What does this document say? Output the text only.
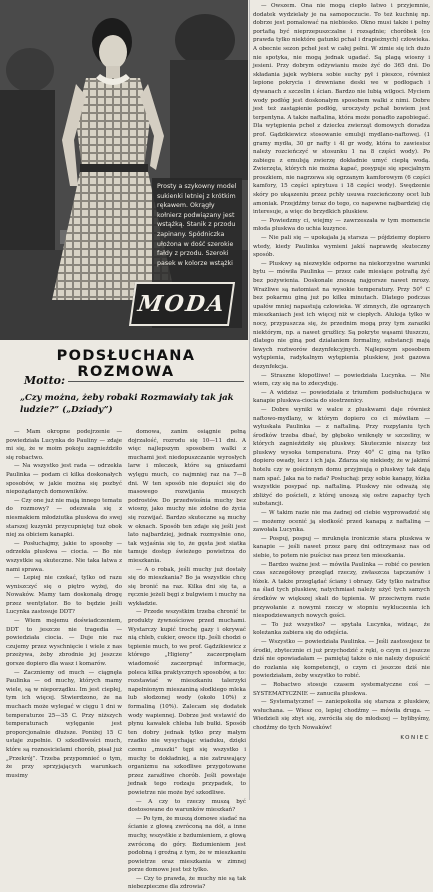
Prosty a szykowny model sukienki letniej z krótkim rękawem. Okrągły kołnierz podwiązany jest wstążką. Stanik z przodu zapinany. Spódniczka ułożona w dość szerokie fałdy z przodu. Szeroki pasek w kolorze wstążki
MODA
PODSŁUCHANA ROZMOWA
Motto:
„Czy można, żeby robaki Rozmawiały tak jak ludzie?” („Dziady”)

— Mam okropne podejrzenie — powiedziała Lucynka do Pauliny — zdaje mi się, że w moim pokoju zagnieździło się robactwo.

— Na wszystko jest rada — odrzekła Paulinka — podam ci kilka doskonałych sposobów, w jakie można się pozbyć niepożądanych domowników.

— Czy one już nie mają innego tematu do rozmowy? — odezwała się z niesmakiem młodziutka pluskwa do swej starszej kuzynki przycupniętej tuż obok niej za obiciem kanapki.

— Posłuchajmy, jakie to sposoby — odrzekła pluskwa — ciocia. — Bo nie wszystkie są skuteczne. Nie taka łatwa z nami sprawa.

— Lepiej nie czekać, tylko od razu wyniszczyć się o piętro wyżej, do Nowaków. Mamy tam doskonałą drogę przez wentylator. Bo to będzie jeśli Lucynka zastosuje DDT?

— Wiem mojemu doświadczeniem, DDT to jeszcze nie tragedia — powiedziała ciocia. — Duje nie raz czujemy przez wyschnięcie i wiele z nas przeżywa, żeby zbrodnie jej jeszcze gorsze dopiero dla wasz i komarów.

— Zaczniemy od much — ciągnęła Paulinka — od muchy, których mamy wiele, są w nieporządku. Im jest ciepłej, tym ich więcej. Stwierdzono, że na muchach może wylegać w cięgu 1 dni w temperaturze 25—35 C. Przy niższych temperaturach wylęganie jest proporcjonalnie dłuższe. Poniżej 15 C ustaje zupełnie. O szkodliwości much, które są roznosicielami chorób, pisał już „Przekrój”. Trzeba przypomnieć o tym, że przy sprzyjających warunkach musimy

domowa, zanim osiągnie pełną dojrzałość, rozrodu się 10—11 dni. A więc najlepszym sposobem walki z muchami jest niedopuszczanie wyrosłych larw i mleczek, które są gniazdami wylęgu much, co najmniej raz na 7—8 dni. W ten sposób nie dopuści się do masowego rozwijania muszych podrostów. Do przedwiośnia muchy bez wiosny, jako muchy nie zdolne do życia się rozwijać. Bardzo skuteczne są muchy w oknach. Sposób ten zdaje się jeśli jest lato najbardziej, jednak rozmysłnie ono, tak wyjaśnia się to, że gęsta jest siatka tamuje dostęp świeżego powietrza do mieszkania.

— A o robak, jeśli muchy już dostały się do mieszkania? Bo ja wszystkie chcę się bronić na raz. Kilka dni się ta, a ręcznie jeżeli bęgi z bulgwiem i muchy na wykładzie.

— Przede wszystkim trzeba chronić te produkty żywnościowe przed muchami. Wystarczy kupić trochę gazy i okrywać nią chleb, cukier, owoce itp. Jeśli chodzi o tępienie much, to we prof. Gądzikiewicz z którego „Higieny” zaczerpnęłam wiadomość zaczerpnąć informacje, poleca kilka praktycznych sposobów, a to: rozstawiać w mieszkaniu talerzyki napełnionym mieszaniną słodkiego mleka lub słodzonej wody (około 10%) z formaliną (10%). Zalecam się dodatek wody wapiennej. Dobrze jest wstawić do płynu kawałek chleba lub bułki. Sposób ten dobry jednak tylko przy małym rzadko nie wysychając wiaduku, dzięki czemu „muszki” tępi się wszystko i muchy te dokładniej, a nie zatruwający organizmu na szkodliwe przygotowane przez zaraźliwe chorób. Jeśli powstaje jednak tego rodzaju przypadek, to powietrze nie może być szkodliwe.

— A czy to rzeczy muszą być dostosowane do warunków mieszkań?

— Po tym, że muszą domowe siadać na ścianie z głową zwróconą na dół, a inne muchy, wszystkie z bzdumieniem, z głową zwróconą do góry. Bzdumieniem jest podobną i groźną z tym, że w mieszkaniu powietrze oraz mieszkania w zimnej porze domowe jest też tylko.

— Czy to prawda, że muchy nie są tak niebezpieczne dla zdrowia?

— Owszem. Ona nie mogą ciepło łatwo i przyjemnie, dodatek wydzielały je na samopoczucie. To też kuchnię np. dobrze jest pomalować na niebiesko. Okno musi także i pełny portafią być nieprzepuszczalne i rozsądnie; choróbek (co prawda tylko niektóre gatunki pchał i drapieżnych) człowieka. A obecnie sezon pcheł jest w całej pełni. W zimie się ich dużo nie spotyka, nie mogą jednak ugadać. Są plagą wiosny i jesieni. Przy dobrym odżywianiu może żyć do 365 dni. Do składania jajek wybiera sobie suchy pył i pieszce, również lepione pokrycia i drewniane deski we w podłogach i dywanach z szczelin i ścian. Bardzo nie lubią wilgoci. Myciem wody podłóg jest doskonałym sposobem walki z nimi. Dobre jest też zastąpienie podłóg, uroczysty pchał bowiem jest terpentyna. A także naftalina, która może ponadto zapobiegać. Dla wytępienia pcheł z dziecku zwierząt domowych doradza prof. Gądzikiewicz stosowanie emulsji mydlano-naftowej. (1 gramy mydła, 30 gr nafty i 4l gr wody, która to zawiesisz należy rozcieńczyć w stosunku 1 na 8 części wody). Po zabiegu z emulsją zwierzę dokładnie umyć ciepłą wodą. Zwierzęta, których nie można kąpać, posypuje się specjalnym proszkiem, nie nagrzewa się ogrzanym kamforowym (6 części kamfory, 15 części spirytusu i 18 części wody). Swędzenie skóry po ukąszeniu przez pchły usuwa rozcieńczony ocet lub amoniak. Przejdźmy teraz do tego, co napewne najbardziej cię interesuje, a więc do brzydkich pluskiew.

— Powiedzmy ci, wiejmy — zawrzeszała w tym momencie młoda pluskwa do uchia kuzynce.

— Nie pali się — upokajała ją starsza — pójdziemy dopiero wtedy, kiedy Paulinka wymieni jakiś naprawdę skuteczny sposób.

— Pluskwy są niezwykle odporne na niekorzystne warunki bytu — mówiła Paulinka — przez całe miesiące potrafią żyć bez pożywienia. Doskonale znoszą najgorsze nawet mrozy. Wrażliwe są natomiast na wysokie temperatury. Przy 50° C bez pokarmu giną już po kilku minutach. Dlatego podczas upałów mniej napastują człowieka. W zimnych, źle ogrzanych mieszkaniach jest ich więcej niż w ciepłych. Aluksja tylko w nocy, przypuszcza się, że przednim mogą przy tym zaraziki niektórym, np. a nawet gruźlicy. Są pokryte wąsami tłuszczu, dlatego nie giną pod działaniem formaliny, substancji mają lewych roztworów dezynfekcyjnych. Najlepszym sposobem wytępienia, radykalnym wytępienia pluskiew, jest gazowa dezynfekcja.

— Straszne kłopotliwe! — powiedziała Lucynka. — Nie wiem, czy się na to zdecyduję.

— A widzisz — powiedziała z triumfem podsłuchująca w kanapie pluskwa-ciocia do siostrzenicy.

— Dobre wyniki w walce z pluskwami daje również naftowo-mydlany, w którym dopiero co ci mówiłam — wyłuskała Paulinka — z naftaliną. Przy rozpylaniu tych środków trzeba dbać, by głęboko wniknęły w szczeliny, w których zagnieździły się pluskwy. Skutecznie niszczy też pluskwy wysoka temperatura. Przy 40° C giną na tylko dopiero owady, lecz i ich jaja. Zdarza się niekiedy, że w jakimś hotelu czy w gościnnym domu przyjmują o pluskwy tak dają nam spać. Jaka na to rada? Posłuchaj: przy sobie kanapy, łóżka wszystkie posypać np. naftaliną. Pluskwy nie odważą się zbliżyć do pościeli, z której unoszą się ostre zapachy tych substancji.

— W takim razie nie ma żadnej od ciebie wyprowadzić się — możemy ocenić ją słodkość przed kanapą z naftaliną — zawołała Lucynka.

— Pospuj, pospuj — mruknęła ironicznie stara pluskwa w kanapie — jeśli nawet przez parę dni odtrzymasz nas od siebie, to potem nie puścisz nas przez ten mieszkania.

— Bardzo ważne jest — mówiła Paulinka — robić co pewien czas szczegółowy przegląd rzeczy, zwłaszcza tapczanów i łóżek. A także przeglądać ściany i obrazy. Gdy tylko natrafisz na ślad tych pluskiew, natychmiast należy użyć tych samych środków w większej skali do tępienia. W przeciwnym razie przywołanie z nowymi rzeczy w stopniu wykluczenia ich niespodziewanych nowych gości.

— To już wszystko? — spytała Lucynka, widząc, że koleżanka zabiera się do odejścia.

— Wszystko — powiedziała Paulinka. — Jeśli zastosujesz te środki, zbytecznie ci już przychodzić z ręki, o czym ci jeszcze dziś nie opowiadałam — pamiętaj także o nie należy dopuścić do rozlania się kompetencji, o czym ci jeszcze dziś nie powiedziałam, żeby wszystko to robić.

— Robactwo stosuje czasem systematyczne coś — SYSTEMATYCZNIE — zanuciła pluskwa.

— Systematyczne! — zaniepokoiła się starsza z pluskiew, wsłuchana. — Wiesz co, lepiej chodźmy — mówiła druga. — Wiedzieli się zbyt się, zwróciła się do młodszej — bylibyśmy, chodźmy do tych Nowaków!

KONIEC
